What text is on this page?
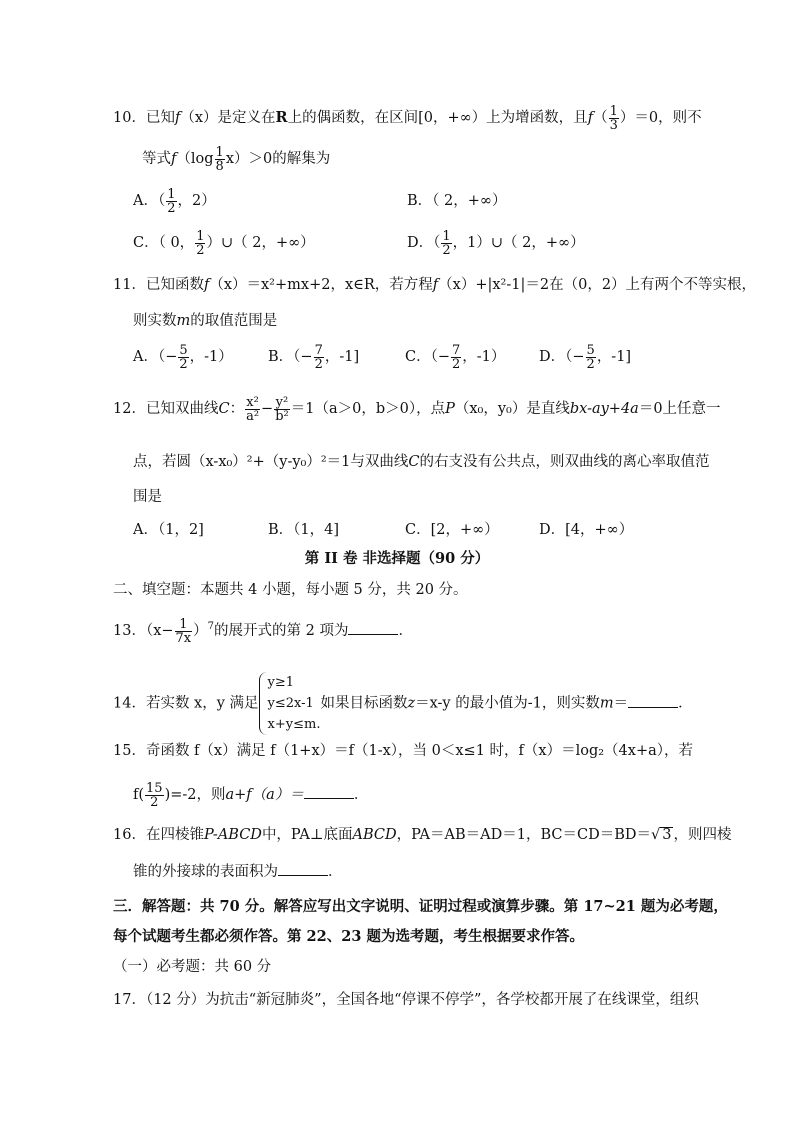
10．已知f（x）是定义在R上的偶函数，在区间[0，+∞）上为增函数，且$f( \frac{1}{3} )=0$，则不
等式$f(\log \frac{1}{8} x)>0$的解集为
A．（ $\frac{1}{2}$ ，2）	B．（ 2，+∞）
C．（ 0， $\frac{1}{2}$ ）∪（ 2，+∞）	D．（ $\frac{1}{2}$ ，1）∪（ 2，+∞）
11．已知函数f（x）＝x²+mx+2，x∈R，若方程f（x）+|x²-1|＝2在（0，2）上有两个不等实根，
则实数m的取值范围是
A．（− $\frac{5}{2}$ ，-1） B．（− $\frac{7}{2}$ ，-1]	C．（− $\frac{7}{2}$ ，-1） D．（− $\frac{5}{2}$ ，-1]
12．已知双曲线C： $\frac{\text{x²}}{\text{a²}} - \frac{\text{y²}}{\text{b²}} =1(a>0$，b＞0），点P（x₀，y₀）是直线bx-ay+4a＝0上任意一
点，若圆（x-x₀）²+（y-y₀）²＝1与双曲线C的右支没有公共点，则双曲线的离心率取值范
围是
A．（1，2]	B．（1，4]	C．[2，+∞）	D．[4，+∞）
第 II 卷 非选择题（90 分）
二、填空题：本题共 4 小题，每小题 5 分，共 20 分。
13．$(x- \frac{1}{7x} )^7$的展开式的第 2 项为	．
14．若实数 x，y 满足
y≥1
y≤2x-1
x+y≤m.
如果目标函数z＝x-y 的最小值为-1，则实数m＝	．
15．奇函数 f（x）满足 f（1+x）＝f（1-x），当 0＜x≤1 时，f（x）＝log₂（4x+a），若
$f( \frac{15}{2} )=-2$，则a+f（a）＝	．
16．在四棱锥P-ABCD中，PA⊥底面ABCD，PA＝AB＝AD＝1，BC＝CD＝BD＝√ 3 ，则四棱
锥的外接球的表面积为	．
三．解答题：共 70 分。解答应写出文字说明、证明过程或演算步骤。第 17~21 题为必考题，
每个试题考生都必须作答。第 22、23 题为选考题，考生根据要求作答。
（一）必考题：共 60 分
17．（12 分）为抗击“新冠肺炎”，全国各地“停课不停学”，各学校都开展了在线课堂，组织
